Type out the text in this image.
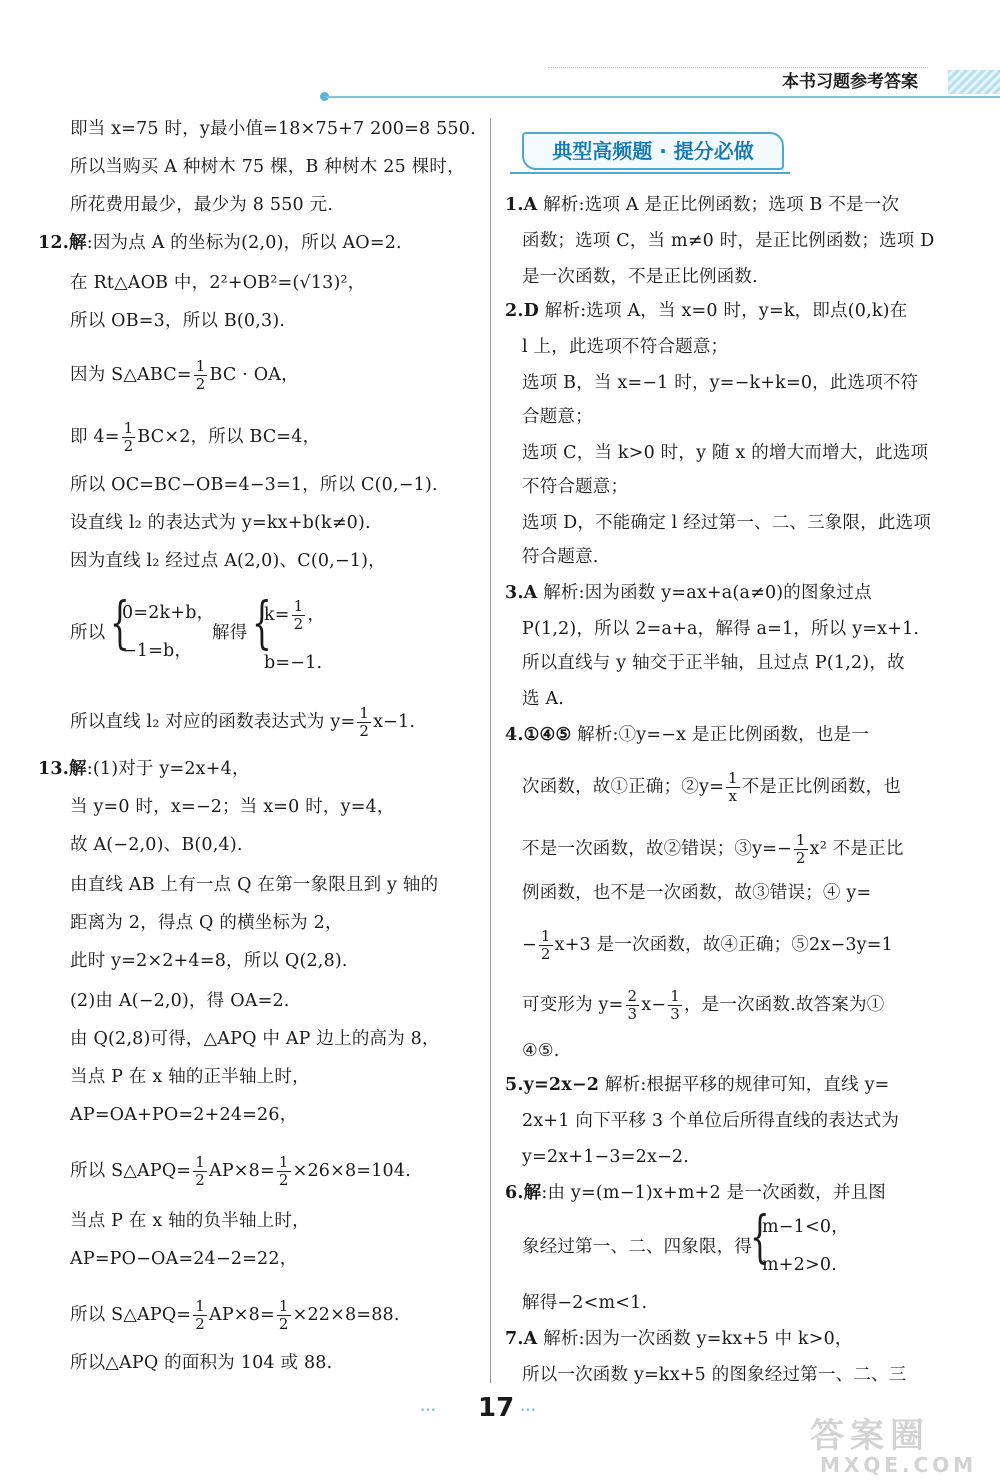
本书习题参考答案
即当 x=75 时，y最小值=18×75+7 200=8 550.
所以当购买 A 种树木 75 棵，B 种树木 25 棵时，
所花费用最少，最少为 8 550 元.
12.解:因为点 A 的坐标为(2,0)，所以 AO=2.
在 Rt△AOB 中，2²+OB²=(√13)²，
所以 OB=3，所以 B(0,3).
因为 S△ABC= $\frac{1}{2}$ BC · OA，
即 $4= \frac{1}{2} BC\times 2$，所以 BC=4，
所以 OC=BC−OB=4−3=1，所以 C(0,−1).
设直线 l₂ 的表达式为 y=kx+b(k≠0).
因为直线 l₂ 经过点 A(2,0)、C(0,−1)，
所以 {
0=2k+b，
−1=b，
解得 {
$k= \frac{1}{2}$ ，
b=−1.
所以直线 l₂ 对应的函数表达式为 $y= \frac{1}{2} x-1$.
13.解:(1)对于 y=2x+4，
当 y=0 时，x=−2；当 x=0 时，y=4，
故 A(−2,0)、B(0,4).
由直线 AB 上有一点 Q 在第一象限且到 y 轴的
距离为 2，得点 Q 的横坐标为 2，
此时 y=2×2+4=8，所以 Q(2,8).
(2)由 A(−2,0)，得 OA=2.
由 Q(2,8)可得，△APQ 中 AP 边上的高为 8，
当点 P 在 x 轴的正半轴上时，
AP=OA+PO=2+24=26，
所以 S△APQ= $\frac{1}{2} AP\times 8= \frac{1}{2} \times 26\times 8=104$.
当点 P 在 x 轴的负半轴上时，
AP=PO−OA=24−2=22，
所以 S△APQ= $\frac{1}{2} AP\times 8= \frac{1}{2} \times 22\times 8=88$.
所以△APQ 的面积为 104 或 88.
典型高频题 · 提分必做
1.A 解析:选项 A 是正比例函数；选项 B 不是一次
函数；选项 C，当 m≠0 时，是正比例函数；选项 D
是一次函数，不是正比例函数.
2.D 解析:选项 A，当 x=0 时，y=k，即点(0,k)在
l 上，此选项不符合题意；
选项 B，当 x=−1 时，y=−k+k=0，此选项不符
合题意；
选项 C，当 k>0 时，y 随 x 的增大而增大，此选项
不符合题意；
选项 D，不能确定 l 经过第一、二、三象限，此选项
符合题意.
3.A 解析:因为函数 y=ax+a(a≠0)的图象过点
P(1,2)，所以 2=a+a，解得 a=1，所以 y=x+1.
所以直线与 y 轴交于正半轴，且过点 P(1,2)，故
选 A.
4.①④⑤ 解析:①y=−x 是正比例函数，也是一
次函数，故①正确；②y= $\frac{1}{x}$ 不是正比例函数，也
不是一次函数，故②错误；③y=− $\frac{1}{2} x^2$ 不是正比
例函数，也不是一次函数，故③错误；④ y=
− $\frac{1}{2} x+3$ 是一次函数，故④正确；⑤2x−3y=1
可变形为 $y= \frac{2}{3} x- \frac{1}{3}$ ，是一次函数.故答案为①
④⑤.
5.y=2x−2 解析:根据平移的规律可知，直线 y=
2x+1 向下平移 3 个单位后所得直线的表达式为
y=2x+1−3=2x−2.
6.解:由 y=(m−1)x+m+2 是一次函数，并且图
象经过第一、二、四象限，得
{
m−1<0，
m+2>0.
解得−2<m<1.
7.A 解析:因为一次函数 y=kx+5 中 k>0，
所以一次函数 y=kx+5 的图象经过第一、二、三
••• 17 •••
答案圈
MXQE.COM
